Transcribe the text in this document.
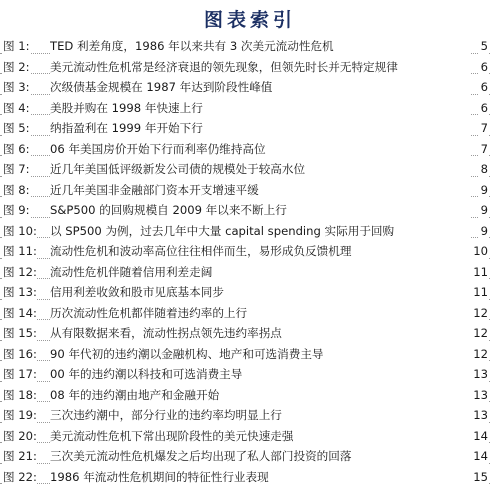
图表索引
图 1: TED 利差角度，1986 年以来共有 3 次美元流动性危机	5
图 2: 美元流动性危机常是经济衰退的领先现象，但领先时长并无特定规律	6
图 3: 次级债基金规模在 1987 年达到阶段性峰值	6
图 4: 美股并购在 1998 年快速上行	6
图 5: 纳指盈利在 1999 年开始下行	7
图 6: 06 年美国房价开始下行而利率仍维持高位	7
图 7: 近几年美国低评级新发公司债的规模处于较高水位	8
图 8: 近几年美国非金融部门资本开支增速平缓	9
图 9: S&P500 的回购规模自 2009 年以来不断上行	9
图 10: 以 SP500 为例，过去几年中大量 capital spending 实际用于回购	9
图 11: 流动性危机和波动率高位往往相伴而生，易形成负反馈机理	10
图 12: 流动性危机伴随着信用利差走阔	11
图 13: 信用利差收敛和股市见底基本同步	11
图 14: 历次流动性危机都伴随着违约率的上行	12
图 15: 从有限数据来看，流动性拐点领先违约率拐点	12
图 16: 90 年代初的违约潮以金融机构、地产和可选消费主导	12
图 17: 00 年的违约潮以科技和可选消费主导	13
图 18: 08 年的违约潮由地产和金融开始	13
图 19: 三次违约潮中，部分行业的违约率均明显上行	13
图 20: 美元流动性危机下常出现阶段性的美元快速走强	14
图 21: 三次美元流动性危机爆发之后均出现了私人部门投资的回落	14
图 22: 1986 年流动性危机期间的特征性行业表现	15
